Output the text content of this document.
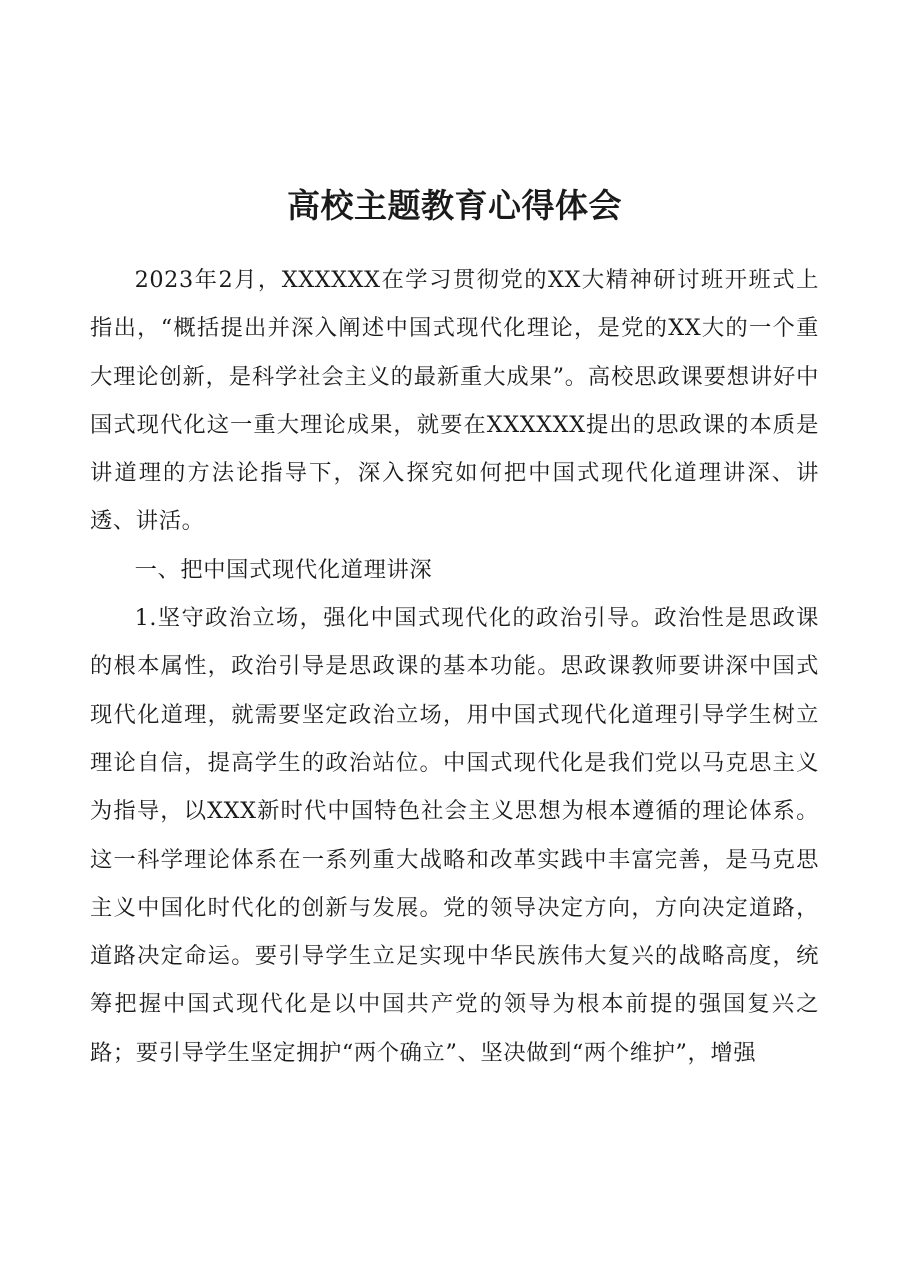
高校主题教育心得体会

2023年2月，XXXXXX在学习贯彻党的XX大精神研讨班开班式上指出，“概括提出并深入阐述中国式现代化理论，是党的XX大的一个重大理论创新，是科学社会主义的最新重大成果”。高校思政课要想讲好中国式现代化这一重大理论成果，就要在XXXXXX提出的思政课的本质是讲道理的方法论指导下，深入探究如何把中国式现代化道理讲深、讲透、讲活。

一、把中国式现代化道理讲深

1.坚守政治立场，强化中国式现代化的政治引导。政治性是思政课的根本属性，政治引导是思政课的基本功能。思政课教师要讲深中国式现代化道理，就需要坚定政治立场，用中国式现代化道理引导学生树立理论自信，提高学生的政治站位。中国式现代化是我们党以马克思主义为指导，以XXX新时代中国特色社会主义思想为根本遵循的理论体系。这一科学理论体系在一系列重大战略和改革实践中丰富完善，是马克思主义中国化时代化的创新与发展。党的领导决定方向，方向决定道路，道路决定命运。要引导学生立足实现中华民族伟大复兴的战略高度，统筹把握中国式现代化是以中国共产党的领导为根本前提的强国复兴之路；要引导学生坚定拥护“两个确立”、坚决做到“两个维护”，增强
